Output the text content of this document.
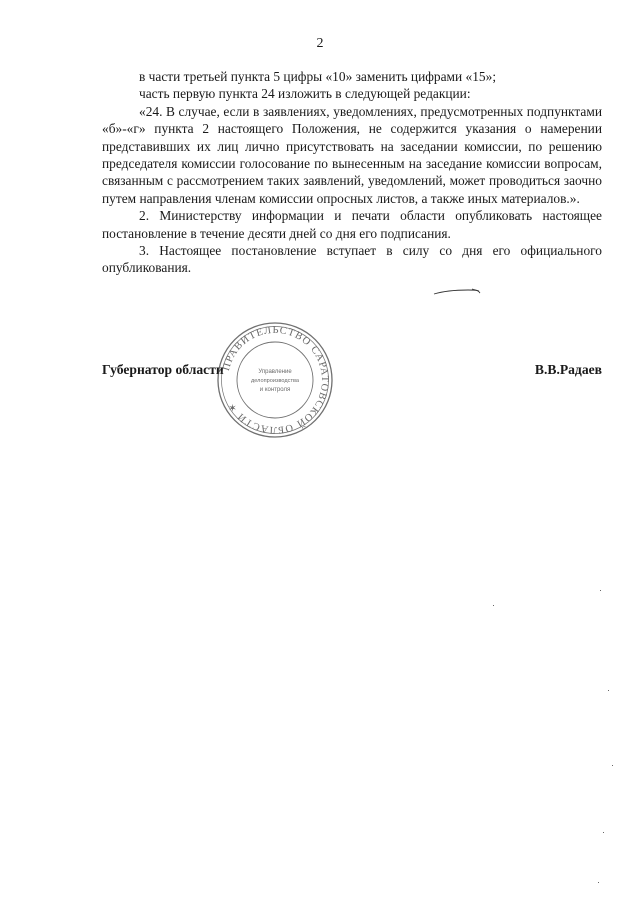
2

в части третьей пункта 5 цифры «10» заменить цифрами «15»;

часть первую пункта 24 изложить в следующей редакции:

«24. В случае, если в заявлениях, уведомлениях, предусмотренных подпунктами «б»-«г» пункта 2 настоящего Положения, не содержится указания о намерении представивших их лиц лично присутствовать на заседании комиссии, по решению председателя комиссии голосование по вынесенным на заседание комиссии вопросам, связанным с рассмотрением таких заявлений, уведомлений, может проводиться заочно путем направления членам комиссии опросных листов, а также иных материалов.».

2. Министерству информации и печати области опубликовать настоящее постановление в течение десяти дней со дня его подписания.

3. Настоящее постановление вступает в силу со дня его официального опубликования.

Губернатор области	В.В.Радаев
ПРАВИТЕЛЬСТВО САРАТОВСКОЙ ОБЛАСТИ ✶
Управление
делопроизводства
и контроля
